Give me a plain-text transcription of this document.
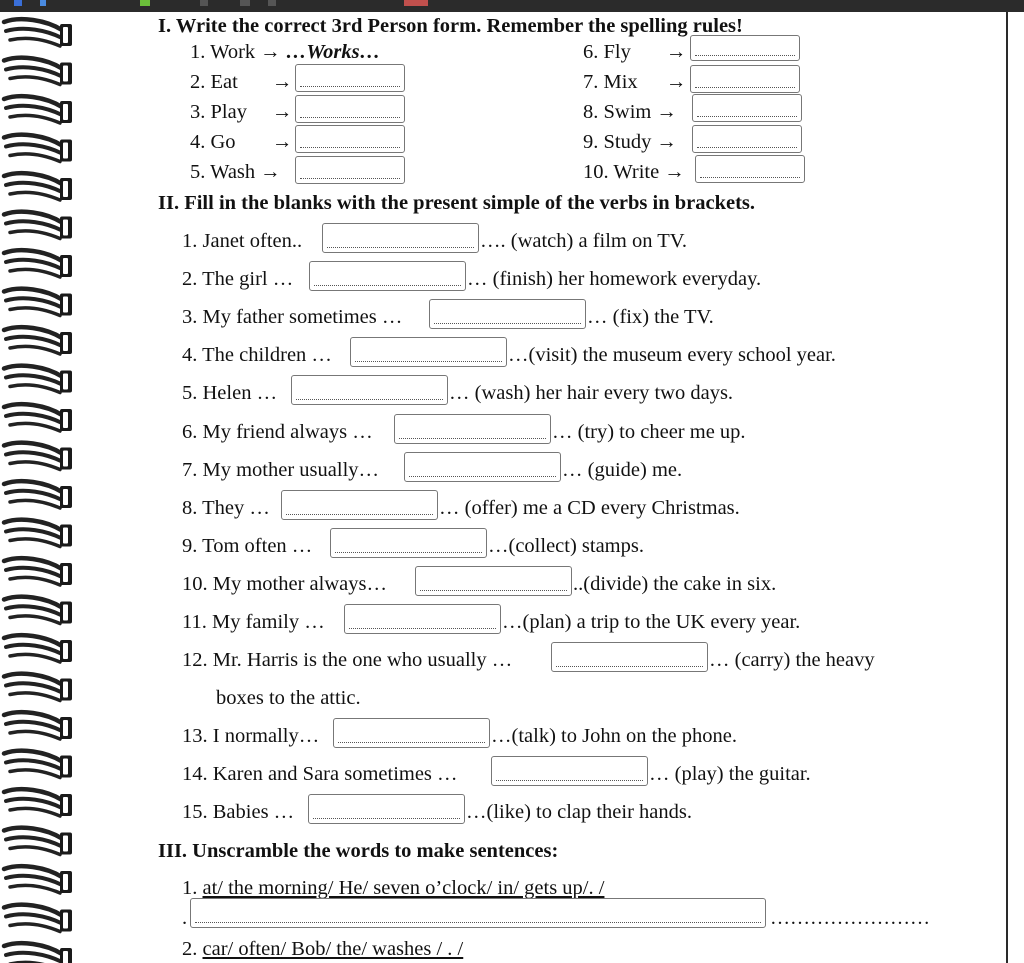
I. Write the correct 3rd Person form. Remember the spelling rules!
1. Work → …Works…
2. Eat →
3. Play →
4. Go →
5. Wash →
6. Fly →
7. Mix →
8. Swim →
9. Study →
10. Write →
II. Fill in the blanks with the present simple of the verbs in brackets.
1. Janet often..	…. (watch) a film on TV.
2. The girl …	… (finish) her homework everyday.
3. My father sometimes …	… (fix) the TV.
4. The children …	…(visit) the museum every school year.
5. Helen …	… (wash) her hair every two days.
6. My friend always …	… (try) to cheer me up.
7. My mother usually…	… (guide) me.
8. They …	… (offer) me a CD every Christmas.
9. Tom often …	…(collect) stamps.
10. My mother always…	..(divide) the cake in six.
11. My family …	…(plan) a trip to the UK every year.
12. Mr. Harris is the one who usually …	… (carry) the heavy
boxes to the attic.
13. I normally…	…(talk) to John on the phone.
14. Karen and Sara sometimes …	… (play) the guitar.
15. Babies …	…(like) to clap their hands.
III. Unscramble the words to make sentences:
1. at/ the morning/ He/ seven o’clock/ in/ gets up/. /
.	……………………
2. car/ often/ Bob/ the/ washes / . /
